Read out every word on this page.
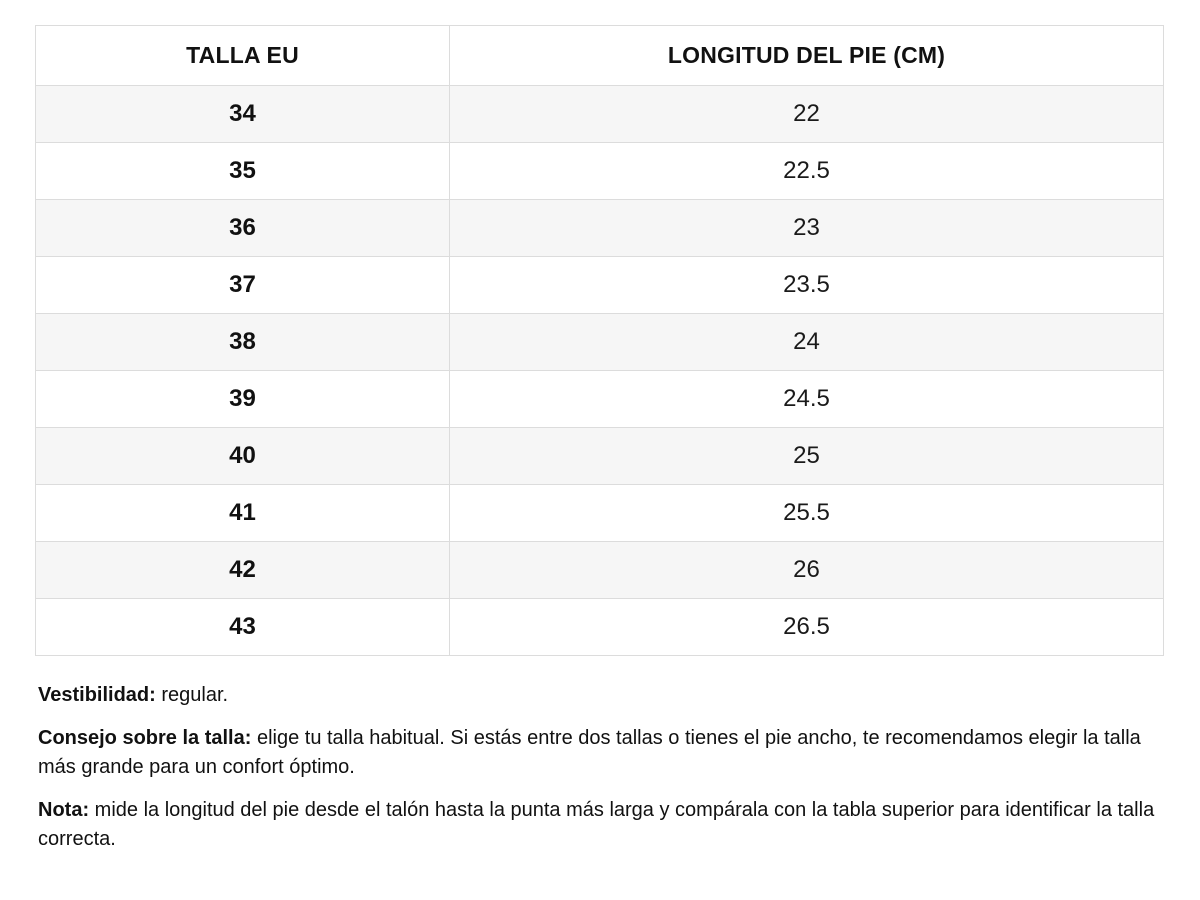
TALLA EU	LONGITUD DEL PIE (CM)
34	22
35	22.5
36	23
37	23.5
38	24
39	24.5
40	25
41	25.5
42	26
43	26.5

Vestibilidad: regular.

Consejo sobre la talla: elige tu talla habitual. Si estás entre dos tallas o tienes el pie ancho, te recomendamos elegir la talla más grande para un confort óptimo.

Nota: mide la longitud del pie desde el talón hasta la punta más larga y compárala con la tabla superior para identificar la talla correcta.
